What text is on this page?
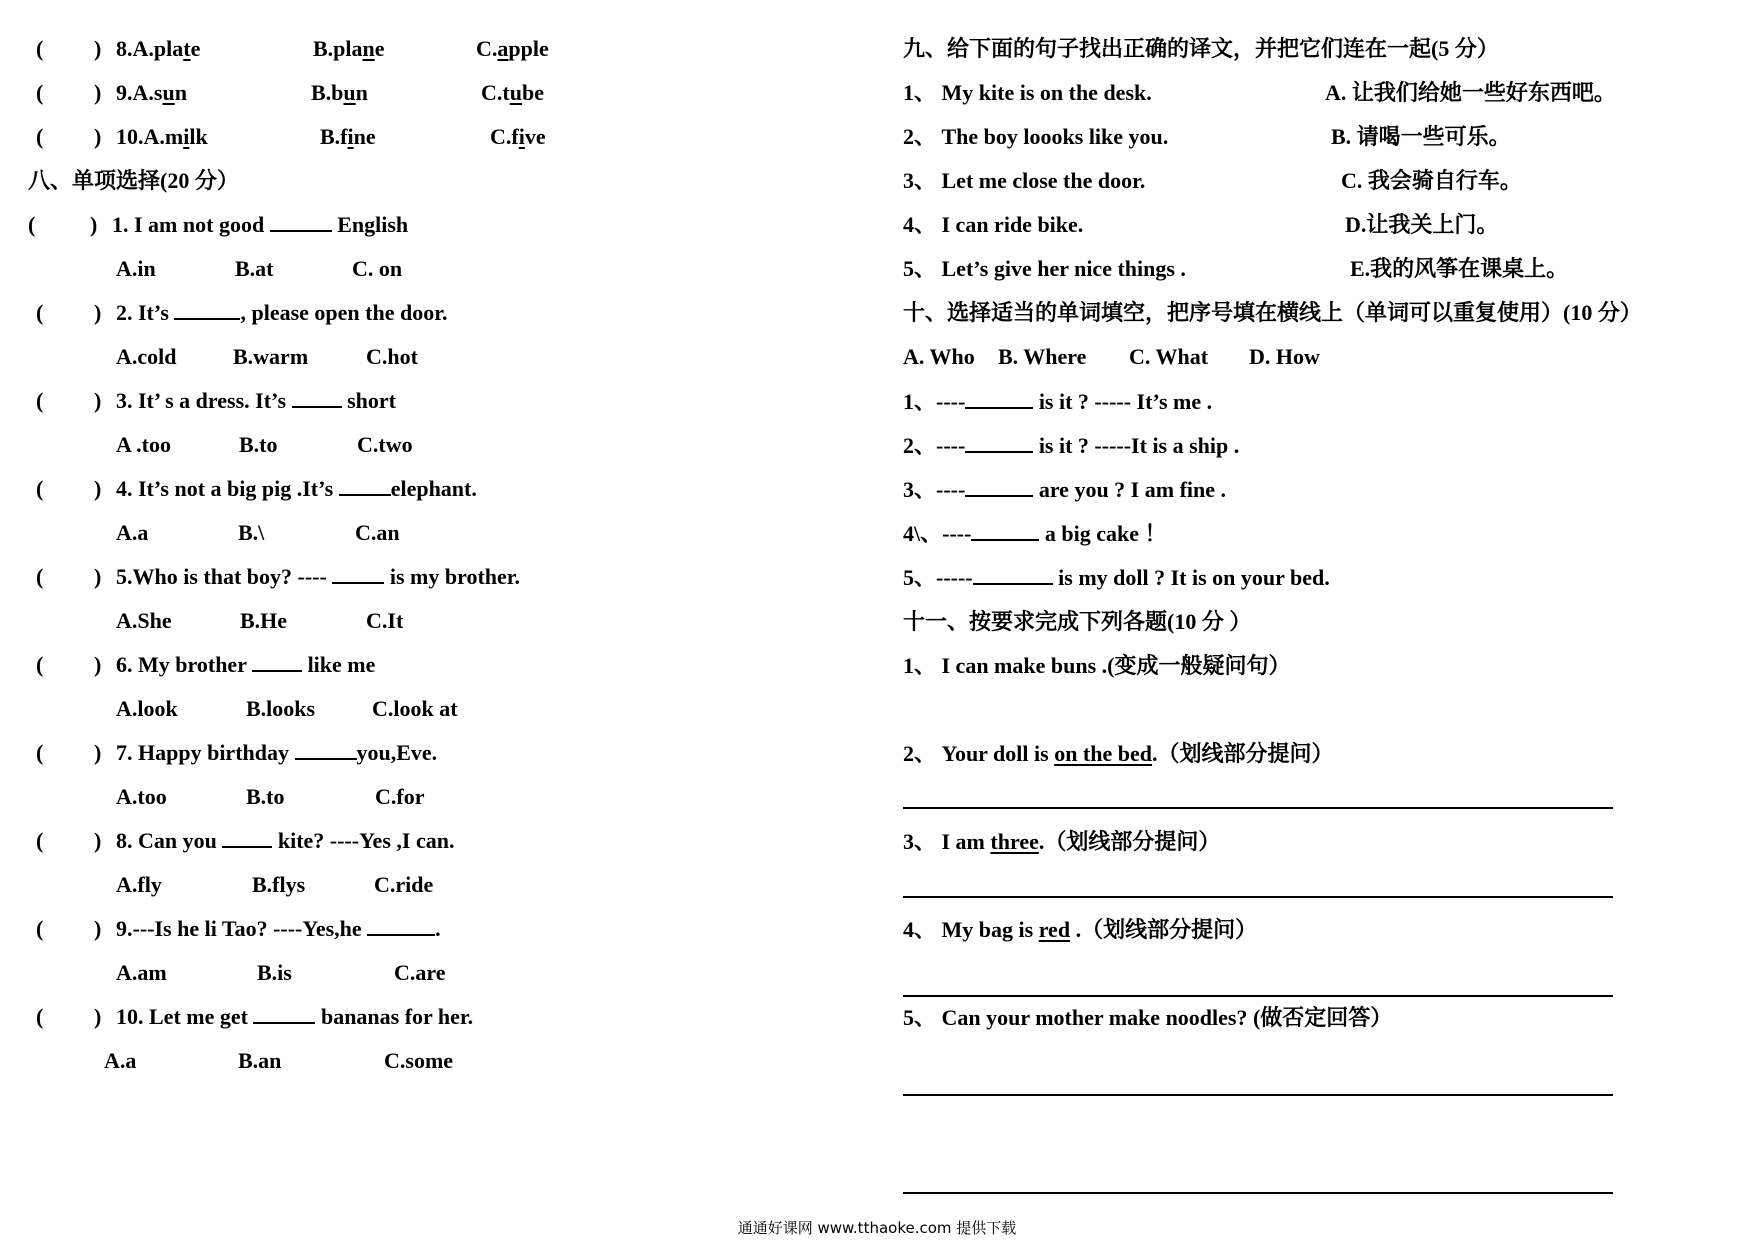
( ) 8.A.plate	B.plane	C.apple
( ) 9.A.sun	B.bun	C.tube
( ) 10.A.milk	B.fine	C.five
八、单项选择(20 分）
( ) 1. I am not good	English
A.in	B.at	C. on
( ) 2. It’s	, please open the door.
A.cold	B.warm	C.hot
( ) 3. It’ s a dress. It’s  short
A .too	B.to	C.two
( ) 4. It’s not a big pig .It’s elephant.
A.a	B.\	C.an
( ) 5.Who is that boy? ----  is my brother.
A.She	B.He	C.It
( ) 6. My brother  like me
A.look	B.looks	C.look at
( ) 7. Happy birthday	you,Eve.
A.too	B.to	C.for
( ) 8. Can you  kite? ----Yes ,I can.
A.fly	B.flys	C.ride
( ) 9.---Is he li Tao? ----Yes,he	.
A.am	B.is	C.are
( ) 10. Let me get	bananas for her.
A.a	B.an	C.some
九、给下面的句子找出正确的译文，并把它们连在一起(5 分）
1、 My kite is on the desk.	A. 让我们给她一些好东西吧。
2、 The boy loooks like you.	B. 请喝一些可乐。
3、 Let me close the door.	C. 我会骑自行车。
4、 I can ride bike.	D.让我关上门。
5、 Let’s give her nice things .	E.我的风筝在课桌上。
十、选择适当的单词填空，把序号填在横线上（单词可以重复使用）(10 分）
A. Who B. Where C. What D. How
1、----	is it ? ----- It’s me .
2、----	is it ? -----It is a ship .
3、----	are you ? I am fine .
4\、----	a big cake ！
5、-----	is my doll ? It is on your bed.
十一、按要求完成下列各题(10 分 ）
1、 I can make buns .(变成一般疑问句）
2、 Your doll is on the bed.（划线部分提问）
3、 I am three.（划线部分提问）
4、 My bag is red .（划线部分提问）
5、 Can your mother make noodles? (做否定回答）
通通好课网 www.tthaoke.com 提供下载
